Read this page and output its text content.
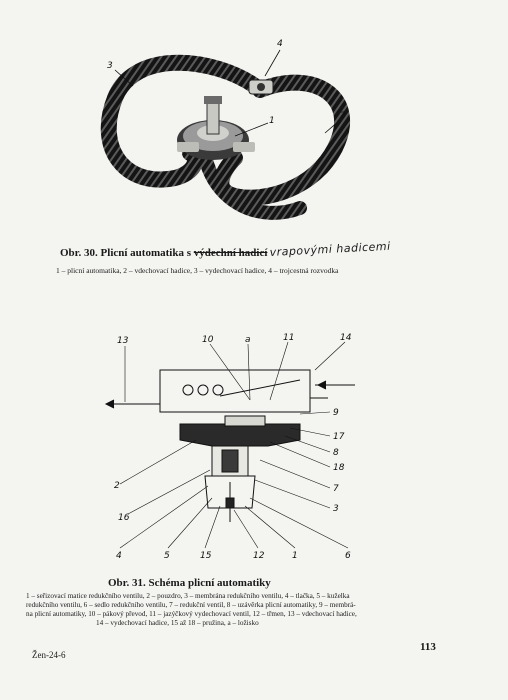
3
4
1	2
Obr. 30. Plicní automatika s výdechní hadicí vrapovými hadicemi
1 – plicní automatika, 2 – vdechovací hadice, 3 – vydechovací hadice, 4 – trojcestná rozvodka
13	10	a	11	14
9
17
8
18
7
3
6
1
12
15
5
4
16
2
Obr. 31. Schéma plicní automatiky
1 – seřizovací matice redukčního ventilu, 2 – pouzdro, 3 – membrána redukčního ventilu, 4 – tlačka, 5 – kuželka
redukčního ventilu, 6 – sedlo redukčního ventilu, 7 – redukční ventil, 8 – uzávěrka plicní automatiky, 9 – membrá-
na plicní automatiky, 10 – pákový převod, 11 – jazýčkový vydechovací ventil, 12 – třmen, 13 – vdechovací hadice,
14 – vydechovací hadice, 15 až 18 – pružina, a – ložisko
Žen-24-6
113
